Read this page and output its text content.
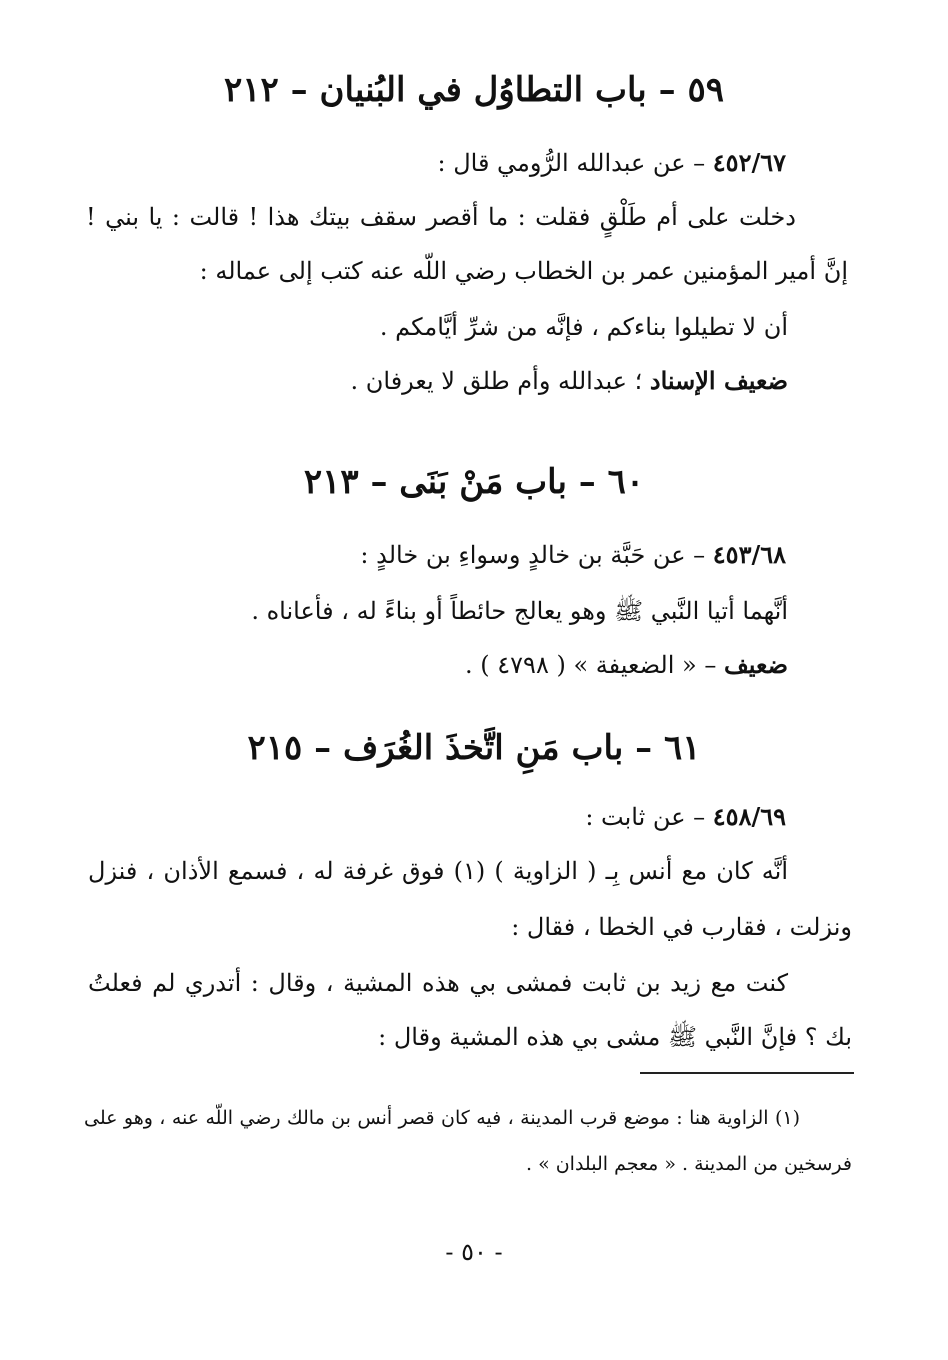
٥٩ – باب التطاوُل في البُنيان – ٢١٢
٤٥٢/٦٧ – عن عبدالله الرُّومي قال :
دخلت على أم طَلْقٍ فقلت : ما أقصر سقف بيتك هذا ! قالت : يا بني !
إنَّ أمير المؤمنين عمر بن الخطاب رضي اللّه عنه كتب إلى عماله :
أن لا تطيلوا بناءكم ، فإنَّه من شرِّ أيَّامكم .
ضعيف الإسناد ؛ عبدالله وأم طلق لا يعرفان .
٦٠ – باب مَنْ بَنَى – ٢١٣
٤٥٣/٦٨ – عن حَبَّة بن خالدٍ وسواءِ بن خالدٍ :
أنَّهما أتيا النَّبي ﷺ وهو يعالج حائطاً أو بناءً له ، فأعاناه .
ضعيف – « الضعيفة » ( ٤٧٩٨ ) .
٦١ – باب مَنِ اتَّخذَ الغُرَف – ٢١٥
٤٥٨/٦٩ – عن ثابت :
أنَّه كان مع أنس بِـ ( الزاوية ) (١) فوق غرفة له ، فسمع الأذان ، فنزل
ونزلت ، فقارب في الخطا ، فقال :
كنت مع زيد بن ثابت فمشى بي هذه المشية ، وقال : أتدري لم فعلتُ
بك ؟ فإنَّ النَّبي ﷺ مشى بي هذه المشية وقال :
(١) الزاوية هنا : موضع قرب المدينة ، فيه كان قصر أنس بن مالك رضي اللّه عنه ، وهو على
فرسخين من المدينة . « معجم البلدان » .
- ٥٠ -
